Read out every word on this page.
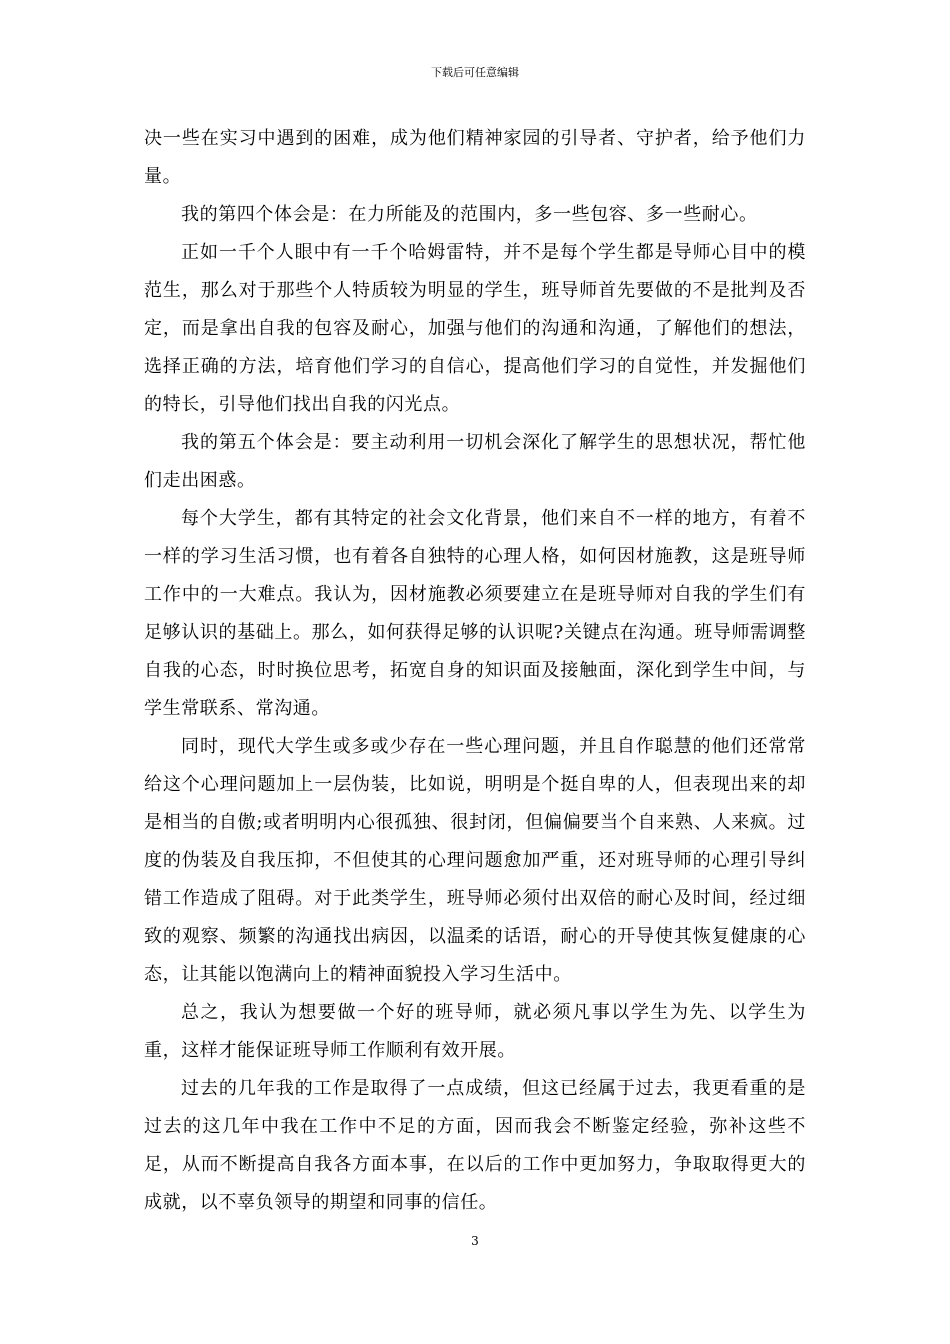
下载后可任意编辑

决一些在实习中遇到的困难，成为他们精神家园的引导者、守护者，给予他们力量。

我的第四个体会是：在力所能及的范围内，多一些包容、多一些耐心。

正如一千个人眼中有一千个哈姆雷特，并不是每个学生都是导师心目中的模范生，那么对于那些个人特质较为明显的学生，班导师首先要做的不是批判及否定，而是拿出自我的包容及耐心，加强与他们的沟通和沟通，了解他们的想法，选择正确的方法，培育他们学习的自信心，提高他们学习的自觉性，并发掘他们的特长，引导他们找出自我的闪光点。

我的第五个体会是：要主动利用一切机会深化了解学生的思想状况，帮忙他们走出困惑。

每个大学生，都有其特定的社会文化背景，他们来自不一样的地方，有着不一样的学习生活习惯，也有着各自独特的心理人格，如何因材施教，这是班导师工作中的一大难点。我认为，因材施教必须要建立在是班导师对自我的学生们有足够认识的基础上。那么，如何获得足够的认识呢?关键点在沟通。班导师需调整自我的心态，时时换位思考，拓宽自身的知识面及接触面，深化到学生中间，与学生常联系、常沟通。

同时，现代大学生或多或少存在一些心理问题，并且自作聪慧的他们还常常给这个心理问题加上一层伪装，比如说，明明是个挺自卑的人，但表现出来的却是相当的自傲;或者明明内心很孤独、很封闭，但偏偏要当个自来熟、人来疯。过度的伪装及自我压抑，不但使其的心理问题愈加严重，还对班导师的心理引导纠错工作造成了阻碍。对于此类学生，班导师必须付出双倍的耐心及时间，经过细致的观察、频繁的沟通找出病因，以温柔的话语，耐心的开导使其恢复健康的心态，让其能以饱满向上的精神面貌投入学习生活中。

总之，我认为想要做一个好的班导师，就必须凡事以学生为先、以学生为重，这样才能保证班导师工作顺利有效开展。

过去的几年我的工作是取得了一点成绩，但这已经属于过去，我更看重的是过去的这几年中我在工作中不足的方面，因而我会不断鉴定经验，弥补这些不足，从而不断提高自我各方面本事，在以后的工作中更加努力，争取取得更大的成就，以不辜负领导的期望和同事的信任。

3
